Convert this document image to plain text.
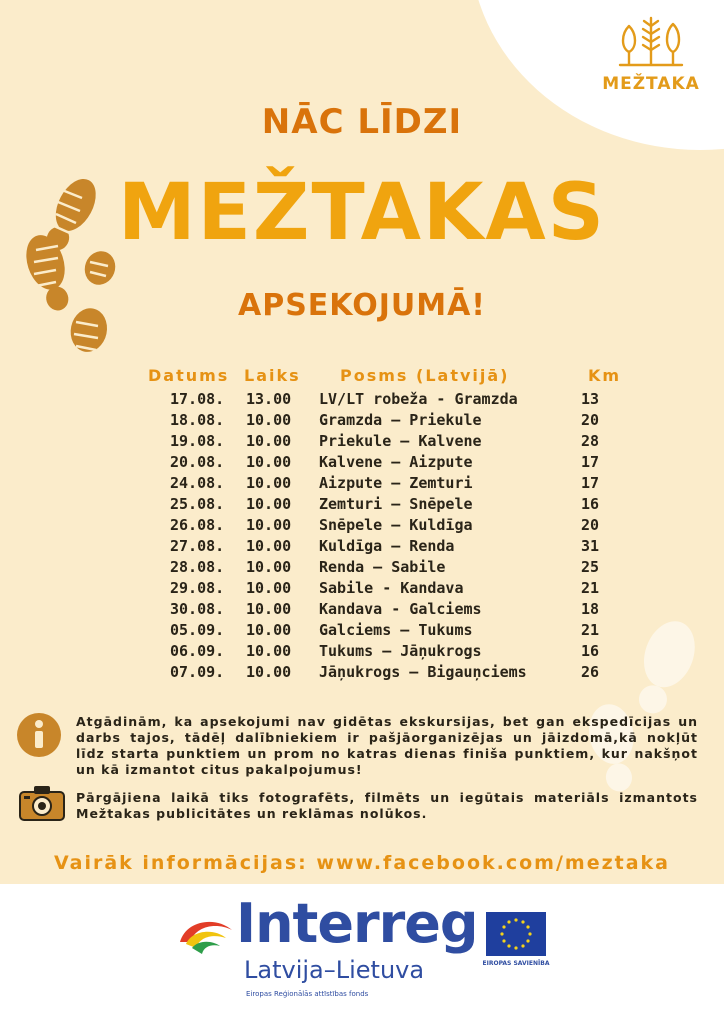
MEŽTAKA
NĀC LĪDZI
MEŽTAKAS
APSEKOJUMĀ!
Datums Laiks Posms (Latvijā)	Km
17.08. 13.00 LV/LT robeža - Gramzda	13
18.08. 10.00 Gramzda – Priekule	20
19.08. 10.00 Priekule – Kalvene	28
20.08. 10.00 Kalvene – Aizpute	17
24.08. 10.00 Aizpute – Zemturi	17
25.08. 10.00 Zemturi – Snēpele	16
26.08. 10.00 Snēpele – Kuldīga	20
27.08. 10.00 Kuldīga – Renda	31
28.08. 10.00 Renda – Sabile	25
29.08. 10.00 Sabile - Kandava	21
30.08. 10.00 Kandava - Galciems	18
05.09. 10.00 Galciems – Tukums	21
06.09. 10.00 Tukums – Jāņukrogs	16
07.09. 10.00 Jāņukrogs – Bigauņciems	26
Atgādinām, ka apsekojumi nav gidētas ekskursijas, bet gan ekspedīcijas un darbs tajos, tādēļ dalībniekiem ir pašjāorganizējas un jāizdomā,kā nokļūt līdz starta punktiem un prom no katras dienas finiša punktiem, kur nakšņot un kā izmantot citus pakalpojumus!
Pārgājiena laikā tiks fotografēts, filmēts un iegūtais materiāls izmantots Mežtakas publicitātes un reklāmas nolūkos.
Vairāk informācijas: www.facebook.com/meztaka
Interreg
Latvija–Lietuva
Eiropas Reģionālās attīstības fonds
EIROPAS SAVIENĪBA
